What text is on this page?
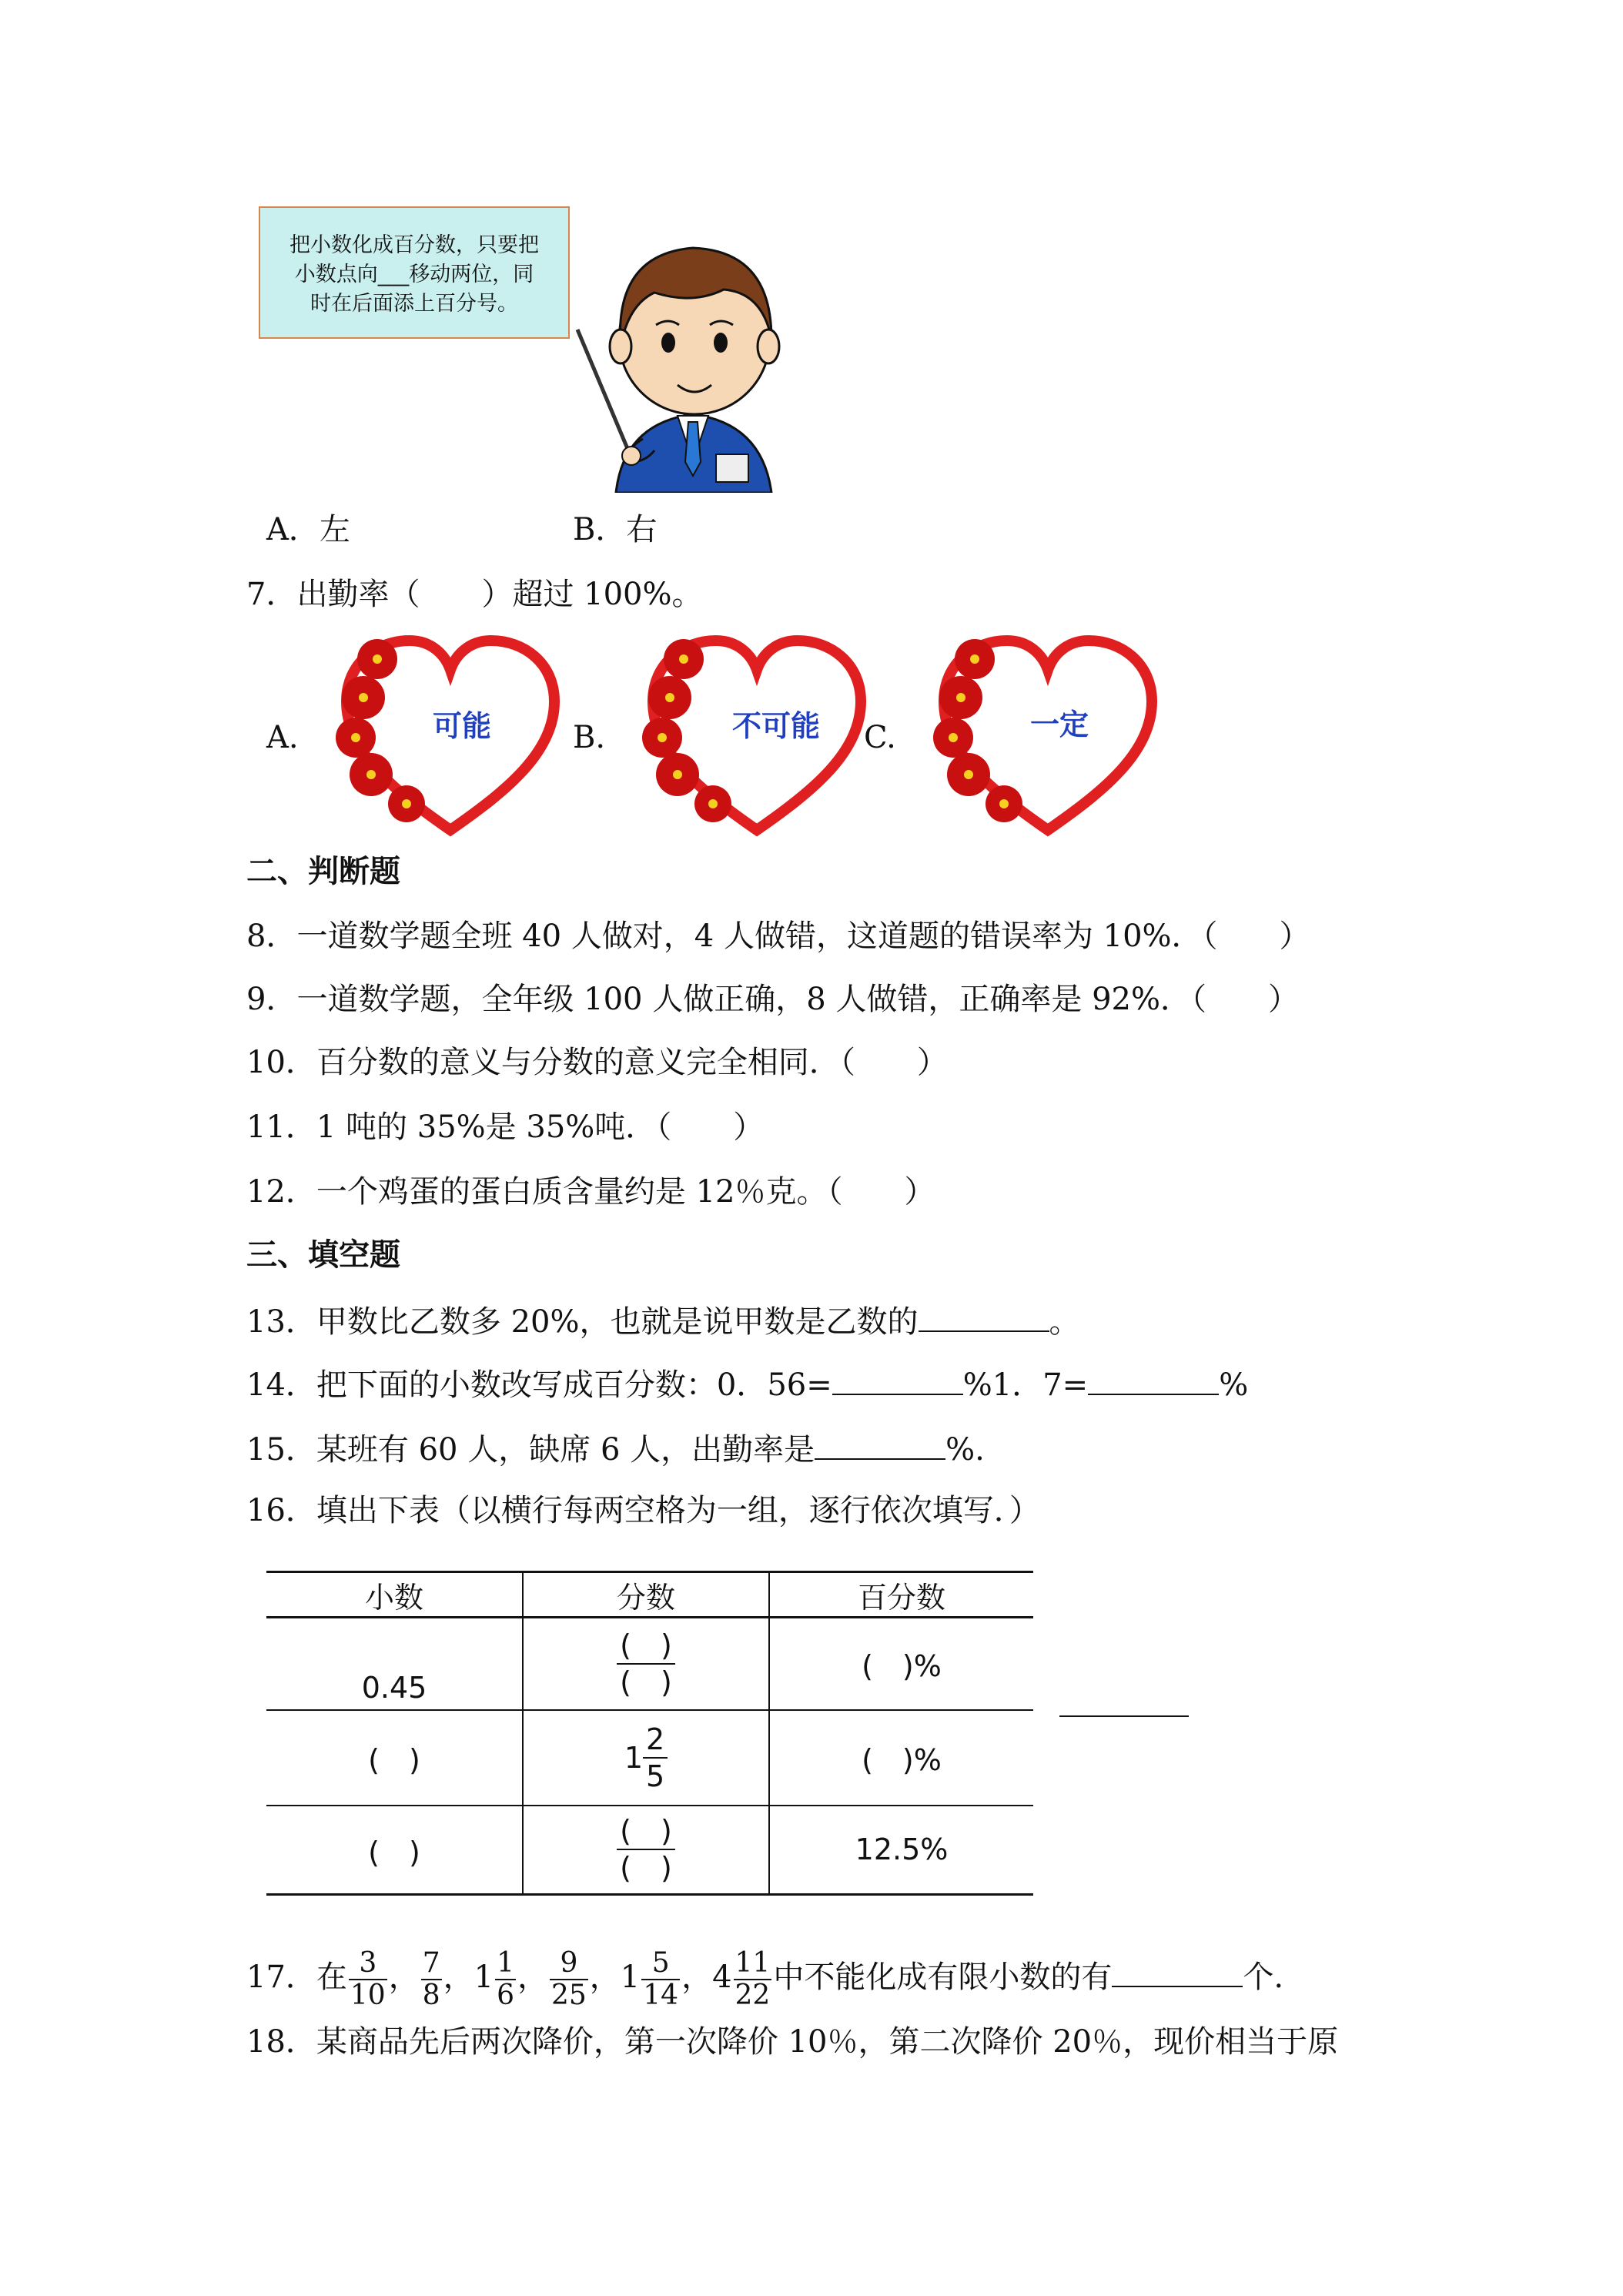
把小数化成百分数，只要把
小数点向___移动两位，同
时在后面添上百分号。
A．左	B．右
7．出勤率（　　）超过 100%。
A.	可能	B.	不可能 C.	一定
二、判断题
8．一道数学题全班 40 人做对，4 人做错，这道题的错误率为 10%．（　　）
9．一道数学题，全年级 100 人做正确，8 人做错，正确率是 92%．（　　）
10．百分数的意义与分数的意义完全相同．（　　）
11．1 吨的 35%是 35%吨．（　　）
12．一个鸡蛋的蛋白质含量约是 12％克。（　　）
三、填空题
13．甲数比乙数多 20%，也就是说甲数是乙数的	。
14．把下面的小数改写成百分数：0．56=	%1．7=	%
15．某班有 60 人，缺席 6 人，出勤率是	%.
16．填出下表（以横行每两空格为一组，逐行依次填写．）
小数	分数	百分数
0.45	$\frac{( )}{( )}$	(　)%
(　)	$1 \frac{2}{5}$	(　)%
(　)	$\frac{( )}{( )}$	12.5%
17．在 $\frac{3}{10}$ ， $\frac{7}{8}$ ，$1 \frac{1}{6}$ ， $\frac{9}{25}$ ，$1 \frac{5}{14}$ ，$4 \frac{11}{22}$ 中不能化成有限小数的有	个.
18．某商品先后两次降价，第一次降价 10％，第二次降价 20％，现价相当于原
